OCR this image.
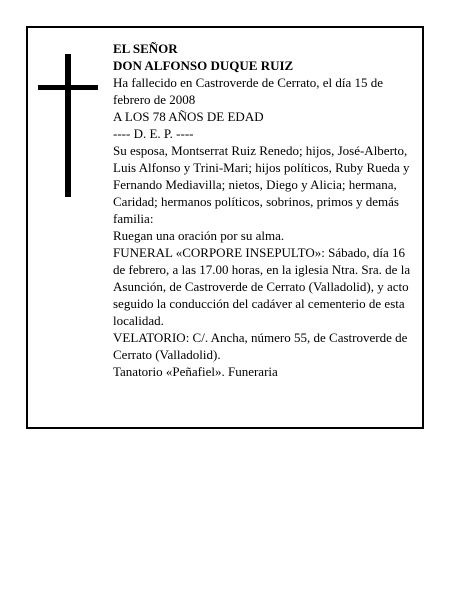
EL SEÑOR

DON ALFONSO DUQUE RUIZ

Ha fallecido en Castroverde de Cerrato, el día 15 de febrero de 2008

A LOS 78 AÑOS DE EDAD

---- D. E. P. ----

Su esposa, Montserrat Ruiz Renedo; hijos, José-Alberto, Luis Alfonso y Trini-Mari; hijos políticos, Ruby Rueda y Fernando Mediavilla; nietos, Diego y Alicia; hermana, Caridad; hermanos políticos, sobrinos, primos y demás familia:

Ruegan una oración por su alma.

FUNERAL «CORPORE INSEPULTO»: Sábado, día 16 de febrero, a las 17.00 horas, en la iglesia Ntra. Sra. de la Asunción, de Castroverde de Cerrato (Valladolid), y acto seguido la conducción del cadáver al cementerio de esta localidad.

VELATORIO: C/. Ancha, número 55, de Castroverde de Cerrato (Valladolid).

Tanatorio «Peñafiel». Funeraria
